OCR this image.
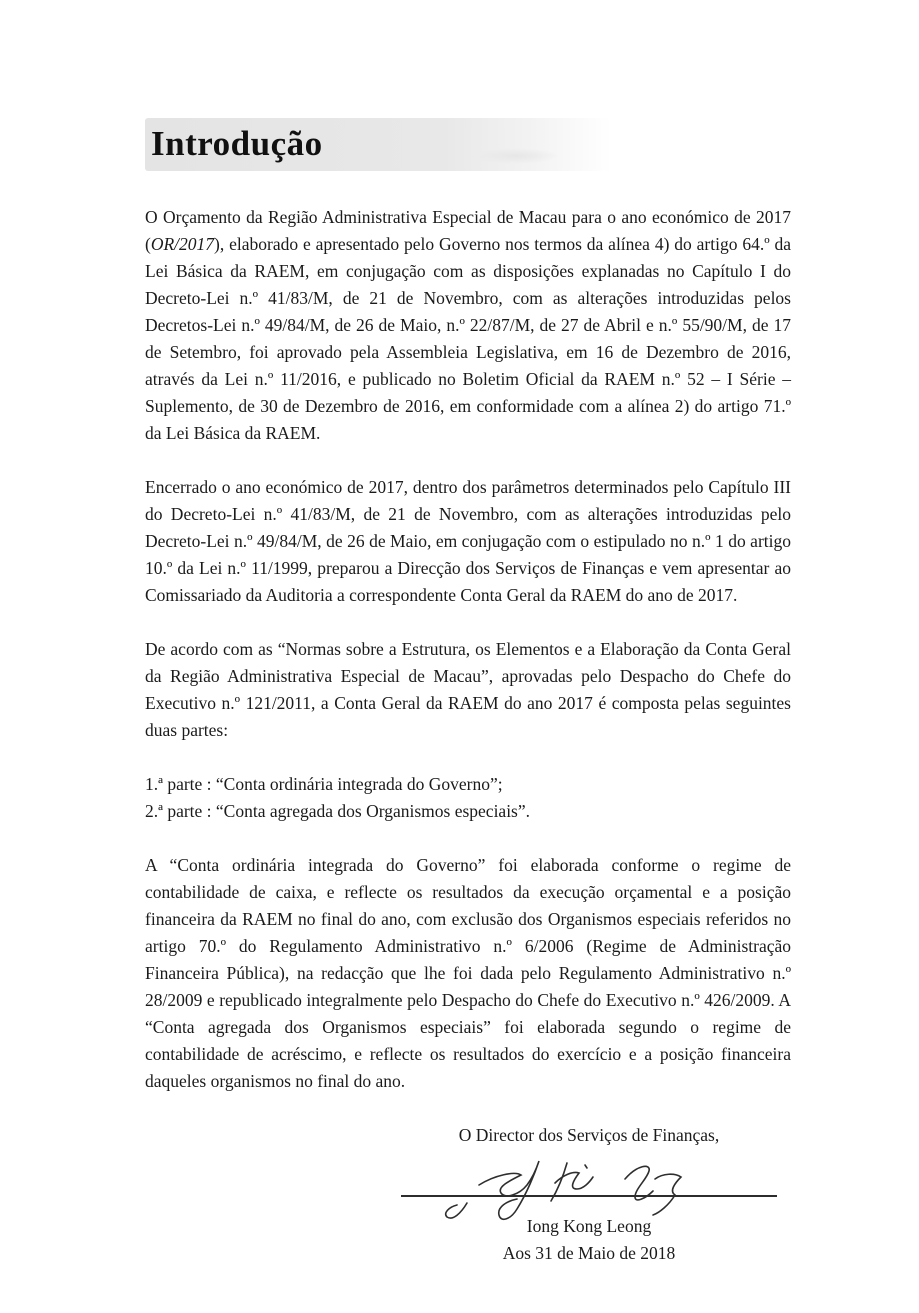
Introdução

O Orçamento da Região Administrativa Especial de Macau para o ano económico de 2017 (OR/2017), elaborado e apresentado pelo Governo nos termos da alínea 4) do artigo 64.º da Lei Básica da RAEM, em conjugação com as disposições explanadas no Capítulo I do Decreto-Lei n.º 41/83/M, de 21 de Novembro, com as alterações introduzidas pelos Decretos-Lei n.º 49/84/M, de 26 de Maio, n.º 22/87/M, de 27 de Abril e n.º 55/90/M, de 17 de Setembro, foi aprovado pela Assembleia Legislativa, em 16 de Dezembro de 2016, através da Lei n.º 11/2016, e publicado no Boletim Oficial da RAEM n.º 52 – I Série – Suplemento, de 30 de Dezembro de 2016, em conformidade com a alínea 2) do artigo 71.º da Lei Básica da RAEM.

Encerrado o ano económico de 2017, dentro dos parâmetros determinados pelo Capítulo III do Decreto-Lei n.º 41/83/M, de 21 de Novembro, com as alterações introduzidas pelo Decreto-Lei n.º 49/84/M, de 26 de Maio, em conjugação com o estipulado no n.º 1 do artigo 10.º da Lei n.º 11/1999, preparou a Direcção dos Serviços de Finanças e vem apresentar ao Comissariado da Auditoria a correspondente Conta Geral da RAEM do ano de 2017.

De acordo com as “Normas sobre a Estrutura, os Elementos e a Elaboração da Conta Geral da Região Administrativa Especial de Macau”, aprovadas pelo Despacho do Chefe do Executivo n.º 121/2011, a Conta Geral da RAEM do ano 2017 é composta pelas seguintes duas partes:

1.ª parte : “Conta ordinária integrada do Governo”;
2.ª parte : “Conta agregada dos Organismos especiais”.

A “Conta ordinária integrada do Governo” foi elaborada conforme o regime de contabilidade de caixa, e reflecte os resultados da execução orçamental e a posição financeira da RAEM no final do ano, com exclusão dos Organismos especiais referidos no artigo 70.º do Regulamento Administrativo n.º 6/2006 (Regime de Administração Financeira Pública), na redacção que lhe foi dada pelo Regulamento Administrativo n.º 28/2009 e republicado integralmente pelo Despacho do Chefe do Executivo n.º 426/2009. A “Conta agregada dos Organismos especiais” foi elaborada segundo o regime de contabilidade de acréscimo, e reflecte os resultados do exercício e a posição financeira daqueles organismos no final do ano.

O Director dos Serviços de Finanças,

Iong Kong Leong

Aos 31 de Maio de 2018
